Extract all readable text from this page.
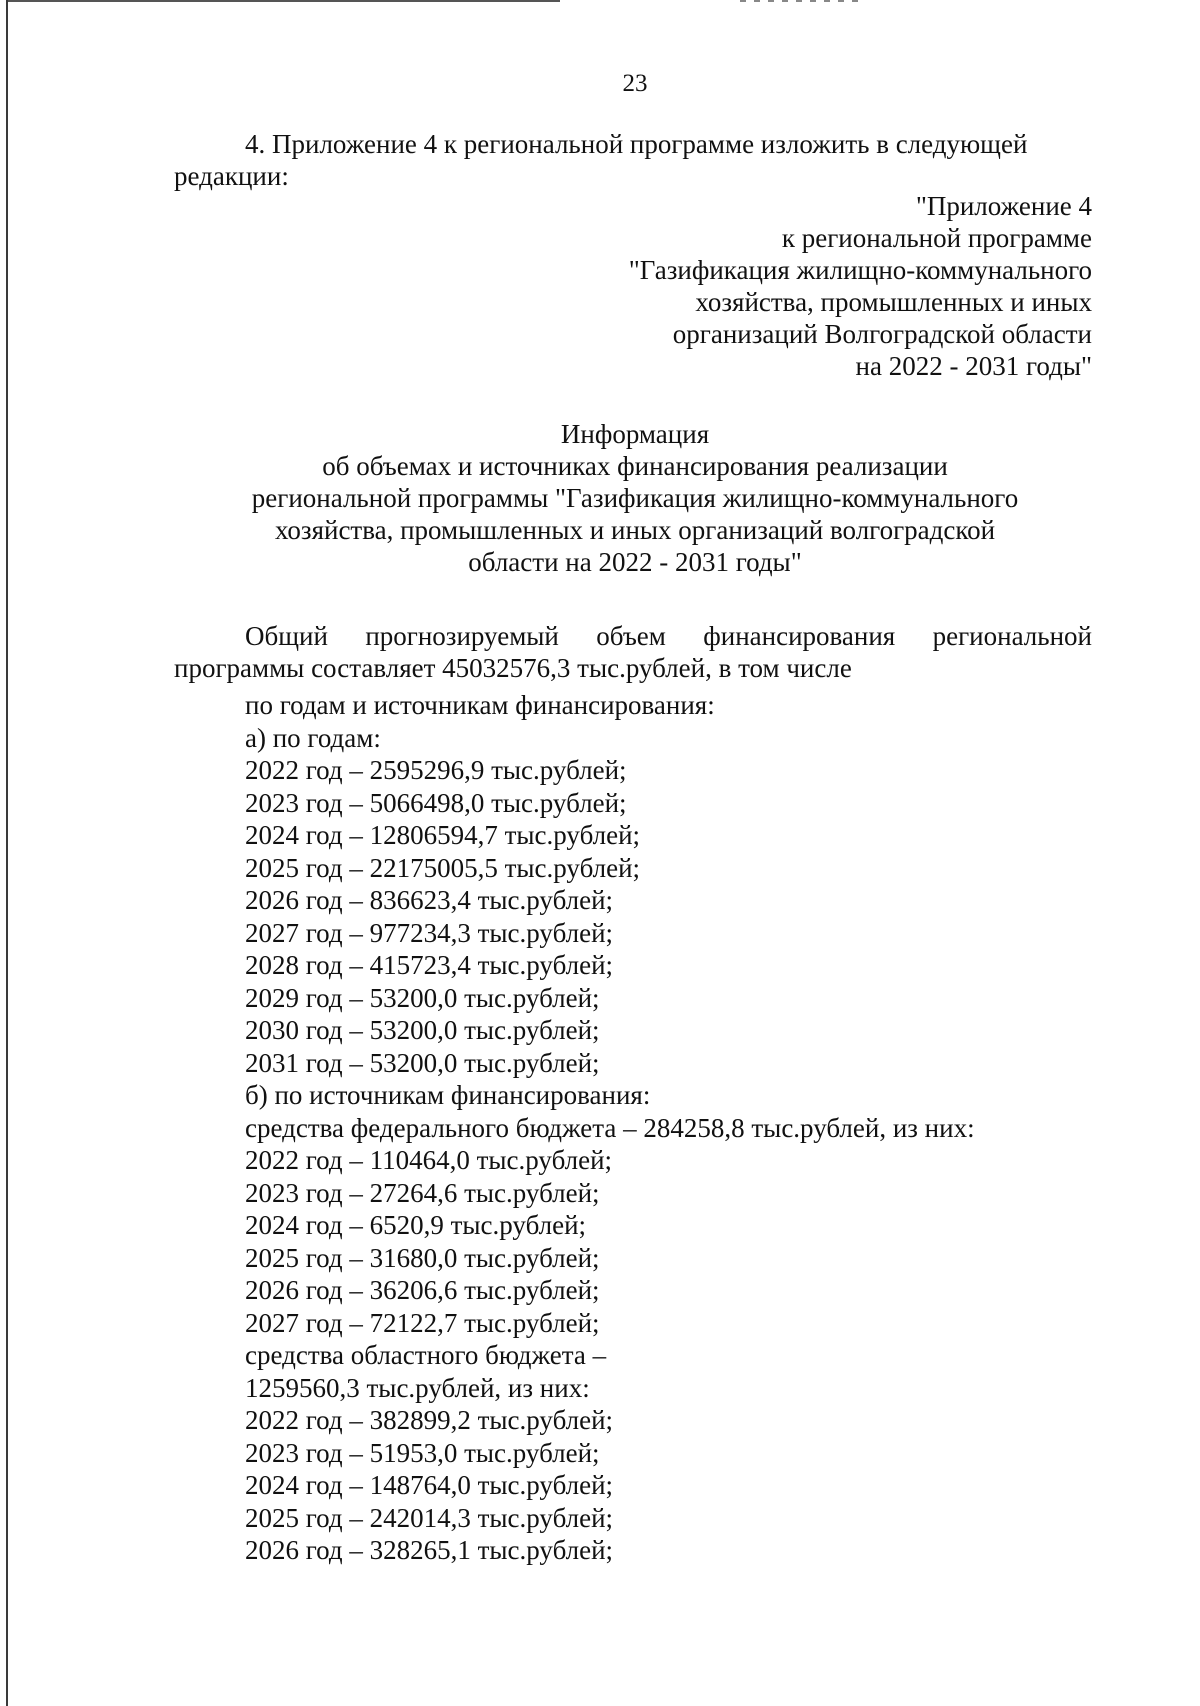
23
4. Приложение 4 к региональной программе изложить в следующей
редакции:
"Приложение 4
к региональной программе
"Газификация жилищно-коммунального
хозяйства, промышленных и иных
организаций Волгоградской области
на 2022 - 2031 годы"
Информация
об объемах и источниках финансирования реализации
региональной программы "Газификация жилищно-коммунального
хозяйства, промышленных и иных организаций волгоградской
области на 2022 - 2031 годы"
Общий прогнозируемый объем финансирования региональной
программы составляет 45032576,3 тыс.рублей, в том числе
по годам и источникам финансирования:
а) по годам:
2022 год – 2595296,9 тыс.рублей;
2023 год – 5066498,0 тыс.рублей;
2024 год – 12806594,7 тыс.рублей;
2025 год – 22175005,5 тыс.рублей;
2026 год – 836623,4 тыс.рублей;
2027 год – 977234,3 тыс.рублей;
2028 год – 415723,4 тыс.рублей;
2029 год – 53200,0 тыс.рублей;
2030 год – 53200,0 тыс.рублей;
2031 год – 53200,0 тыс.рублей;
б) по источникам финансирования:
средства федерального бюджета – 284258,8 тыс.рублей, из них:
2022 год – 110464,0 тыс.рублей;
2023 год – 27264,6 тыс.рублей;
2024 год – 6520,9 тыс.рублей;
2025 год – 31680,0 тыс.рублей;
2026 год – 36206,6 тыс.рублей;
2027 год – 72122,7 тыс.рублей;
средства областного бюджета –
1259560,3 тыс.рублей, из них:
2022 год – 382899,2 тыс.рублей;
2023 год – 51953,0 тыс.рублей;
2024 год – 148764,0 тыс.рублей;
2025 год – 242014,3 тыс.рублей;
2026 год – 328265,1 тыс.рублей;
